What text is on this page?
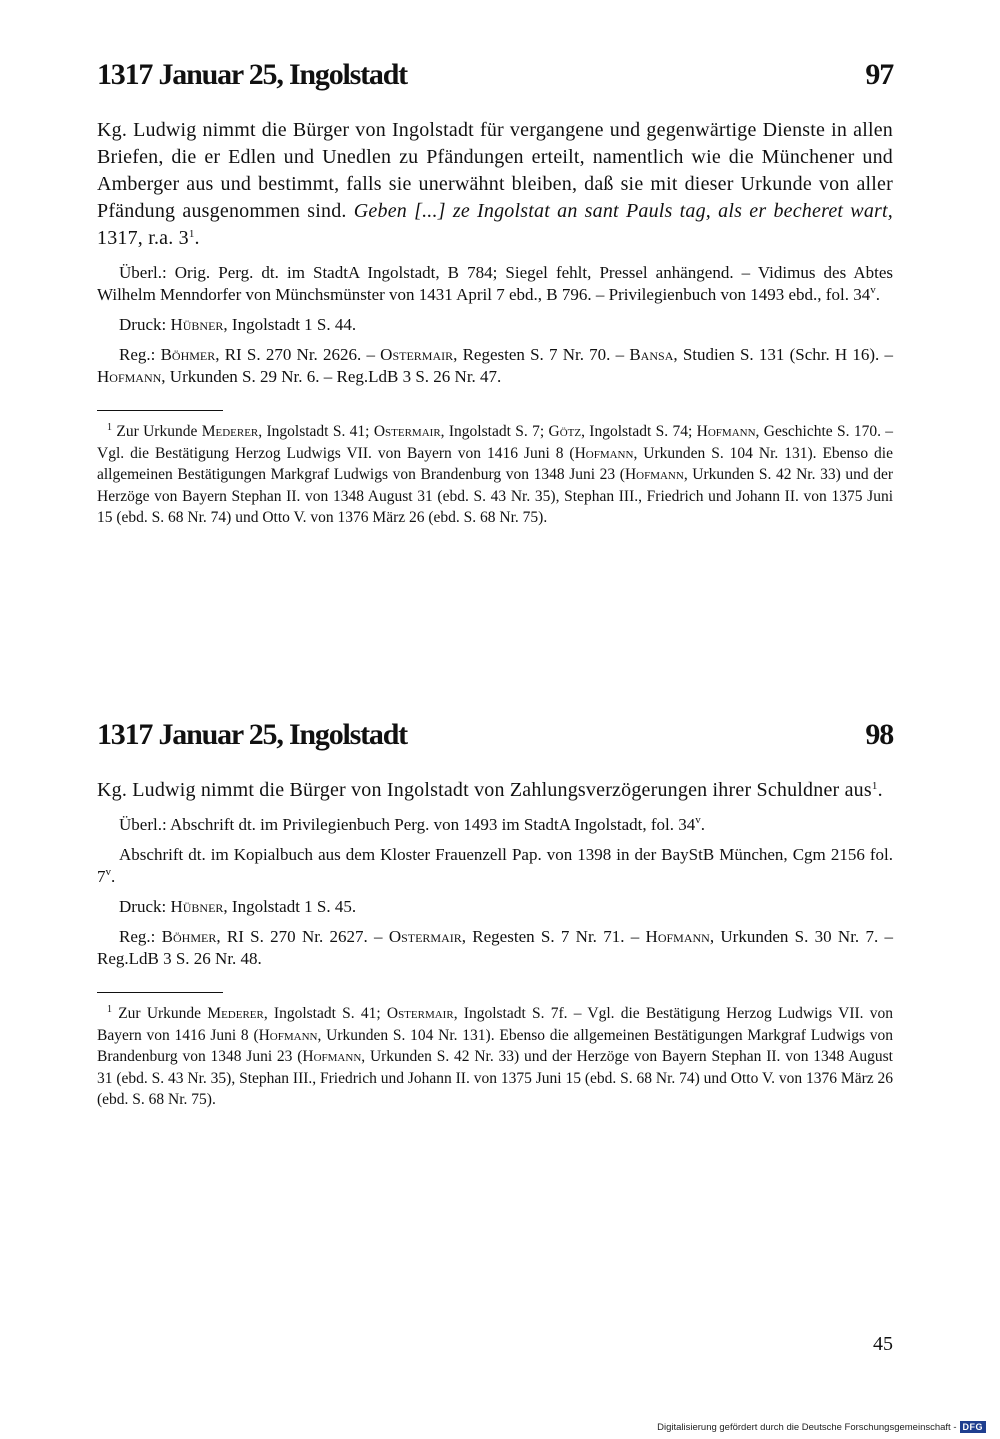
1317 Januar 25, Ingolstadt	97

Kg. Ludwig nimmt die Bürger von Ingolstadt für vergangene und gegenwärtige Dienste in allen Briefen, die er Edlen und Unedlen zu Pfändungen erteilt, namentlich wie die Münchener und Amberger aus und bestimmt, falls sie unerwähnt bleiben, daß sie mit dieser Urkunde von aller Pfändung ausgenommen sind. Geben [...] ze Ingolstat an sant Pauls tag, als er becheret wart, 1317, r.a. $3^1$.

Überl.: Orig. Perg. dt. im StadtA Ingolstadt, B 784; Siegel fehlt, Pressel anhängend. – Vidimus des Abtes Wilhelm Menndorfer von Münchsmünster von 1431 April 7 ebd., B 796. – Privilegienbuch von 1493 ebd., fol. 34$^v$.

Druck: Hübner, Ingolstadt 1 S. 44.

Reg.: Böhmer, RI S. 270 Nr. 2626. – Ostermair, Regesten S. 7 Nr. 70. – Bansa, Studien S. 131 (Schr. H 16). – Hofmann, Urkunden S. 29 Nr. 6. – Reg.LdB 3 S. 26 Nr. 47.

$^1$ Zur Urkunde Mederer, Ingolstadt S. 41; Ostermair, Ingolstadt S. 7; Götz, Ingolstadt S. 74; Hofmann, Geschichte S. 170. – Vgl. die Bestätigung Herzog Ludwigs VII. von Bayern von 1416 Juni 8 (Hofmann, Urkunden S. 104 Nr. 131). Ebenso die allgemeinen Bestätigungen Markgraf Ludwigs von Brandenburg von 1348 Juni 23 (Hofmann, Urkunden S. 42 Nr. 33) und der Herzöge von Bayern Stephan II. von 1348 August 31 (ebd. S. 43 Nr. 35), Stephan III., Friedrich und Johann II. von 1375 Juni 15 (ebd. S. 68 Nr. 74) und Otto V. von 1376 März 26 (ebd. S. 68 Nr. 75).

1317 Januar 25, Ingolstadt	98

Kg. Ludwig nimmt die Bürger von Ingolstadt von Zahlungsverzögerungen ihrer Schuldner aus$^1$.

Überl.: Abschrift dt. im Privilegienbuch Perg. von 1493 im StadtA Ingolstadt, fol. 34$^v$.

Abschrift dt. im Kopialbuch aus dem Kloster Frauenzell Pap. von 1398 in der BayStB München, Cgm 2156 fol. 7$^v$.

Druck: Hübner, Ingolstadt 1 S. 45.

Reg.: Böhmer, RI S. 270 Nr. 2627. – Ostermair, Regesten S. 7 Nr. 71. – Hofmann, Urkunden S. 30 Nr. 7. – Reg.LdB 3 S. 26 Nr. 48.

$^1$ Zur Urkunde Mederer, Ingolstadt S. 41; Ostermair, Ingolstadt S. 7f. – Vgl. die Bestätigung Herzog Ludwigs VII. von Bayern von 1416 Juni 8 (Hofmann, Urkunden S. 104 Nr. 131). Ebenso die allgemeinen Bestätigungen Markgraf Ludwigs von Brandenburg von 1348 Juni 23 (Hofmann, Urkunden S. 42 Nr. 33) und der Herzöge von Bayern Stephan II. von 1348 August 31 (ebd. S. 43 Nr. 35), Stephan III., Friedrich und Johann II. von 1375 Juni 15 (ebd. S. 68 Nr. 74) und Otto V. von 1376 März 26 (ebd. S. 68 Nr. 75).

45
Digitalisierung gefördert durch die Deutsche Forschungsgemeinschaft - DFG
